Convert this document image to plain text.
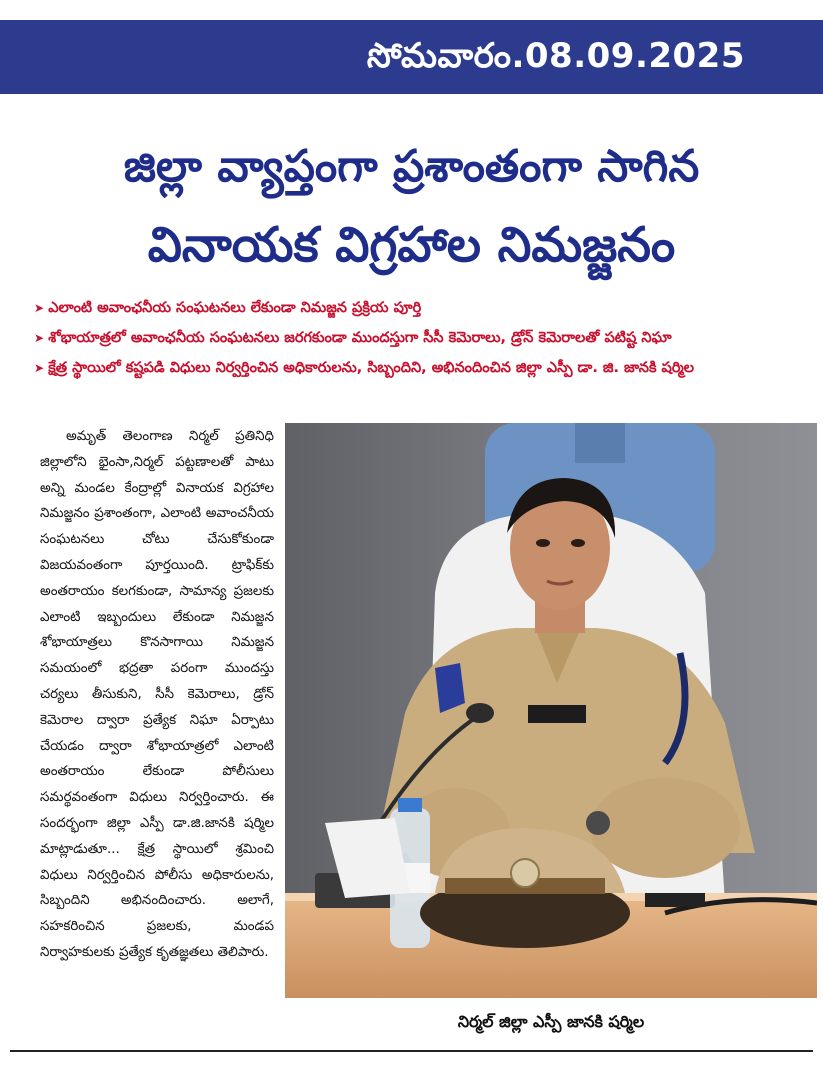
సోమవారం.08.09.2025
జిల్లా వ్యాప్తంగా ప్రశాంతంగా సాగిన
వినాయక విగ్రహాల నిమజ్జనం
➤ ఎలాంటి అవాంఛనీయ సంఘటనలు లేకుండా నిమజ్జన ప్రక్రియ పూర్తి
➤ శోభాయాత్రలో అవాంఛనీయ సంఘటనలు జరగకుండా ముందస్తుగా సీసీ కెమెరాలు, డ్రోన్ కెమెరాలతో పటిష్ట నిఘా
➤ క్షేత్ర స్థాయిలో కష్టపడి విధులు నిర్వర్తించిన అధికారులను, సిబ్బందిని, అభినందించిన జిల్లా ఎస్పీ డా. జి. జానకి షర్మిల
అమృత్ తెలంగాణ నిర్మల్ ప్రతినిధి జిల్లాలోని భైంసా,నిర్మల్ పట్టణాలతో పాటు అన్ని మండల కేంద్రాల్లో వినాయక విగ్రహాల నిమజ్జనం ప్రశాంతంగా, ఎలాంటి అవాంచనీయ సంఘటనలు చోటు చేసుకోకుండా విజయవంతంగా పూర్తయింది. ట్రాఫిక్‌కు అంతరాయం కలగకుండా, సామాన్య ప్రజలకు ఎలాంటి ఇబ్బందులు లేకుండా నిమజ్జన శోభాయాత్రలు కొనసాగాయి నిమజ్జన సమయంలో భద్రతా పరంగా ముందస్తు చర్యలు తీసుకుని, సీసీ కెమెరాలు, డ్రోన్ కెమెరాల ద్వారా ప్రత్యేక నిఘా ఏర్పాటు చేయడం ద్వారా శోభాయాత్రలో ఎలాంటి అంతరాయం లేకుండా పోలీసులు సమర్థవంతంగా విధులు నిర్వర్తించారు. ఈ సందర్భంగా జిల్లా ఎస్పీ డా.జి.జానకి షర్మిల మాట్లాడుతూ... క్షేత్ర స్థాయిలో శ్రమించి విధులు నిర్వర్తించిన పోలీసు అధికారులను, సిబ్బందిని అభినందించారు. అలాగే, సహకరించిన ప్రజలకు, మండప నిర్వాహకులకు ప్రత్యేక కృతజ్ఞతలు తెలిపారు.
నిర్మల్ జిల్లా ఎస్పీ జానకి షర్మిల
